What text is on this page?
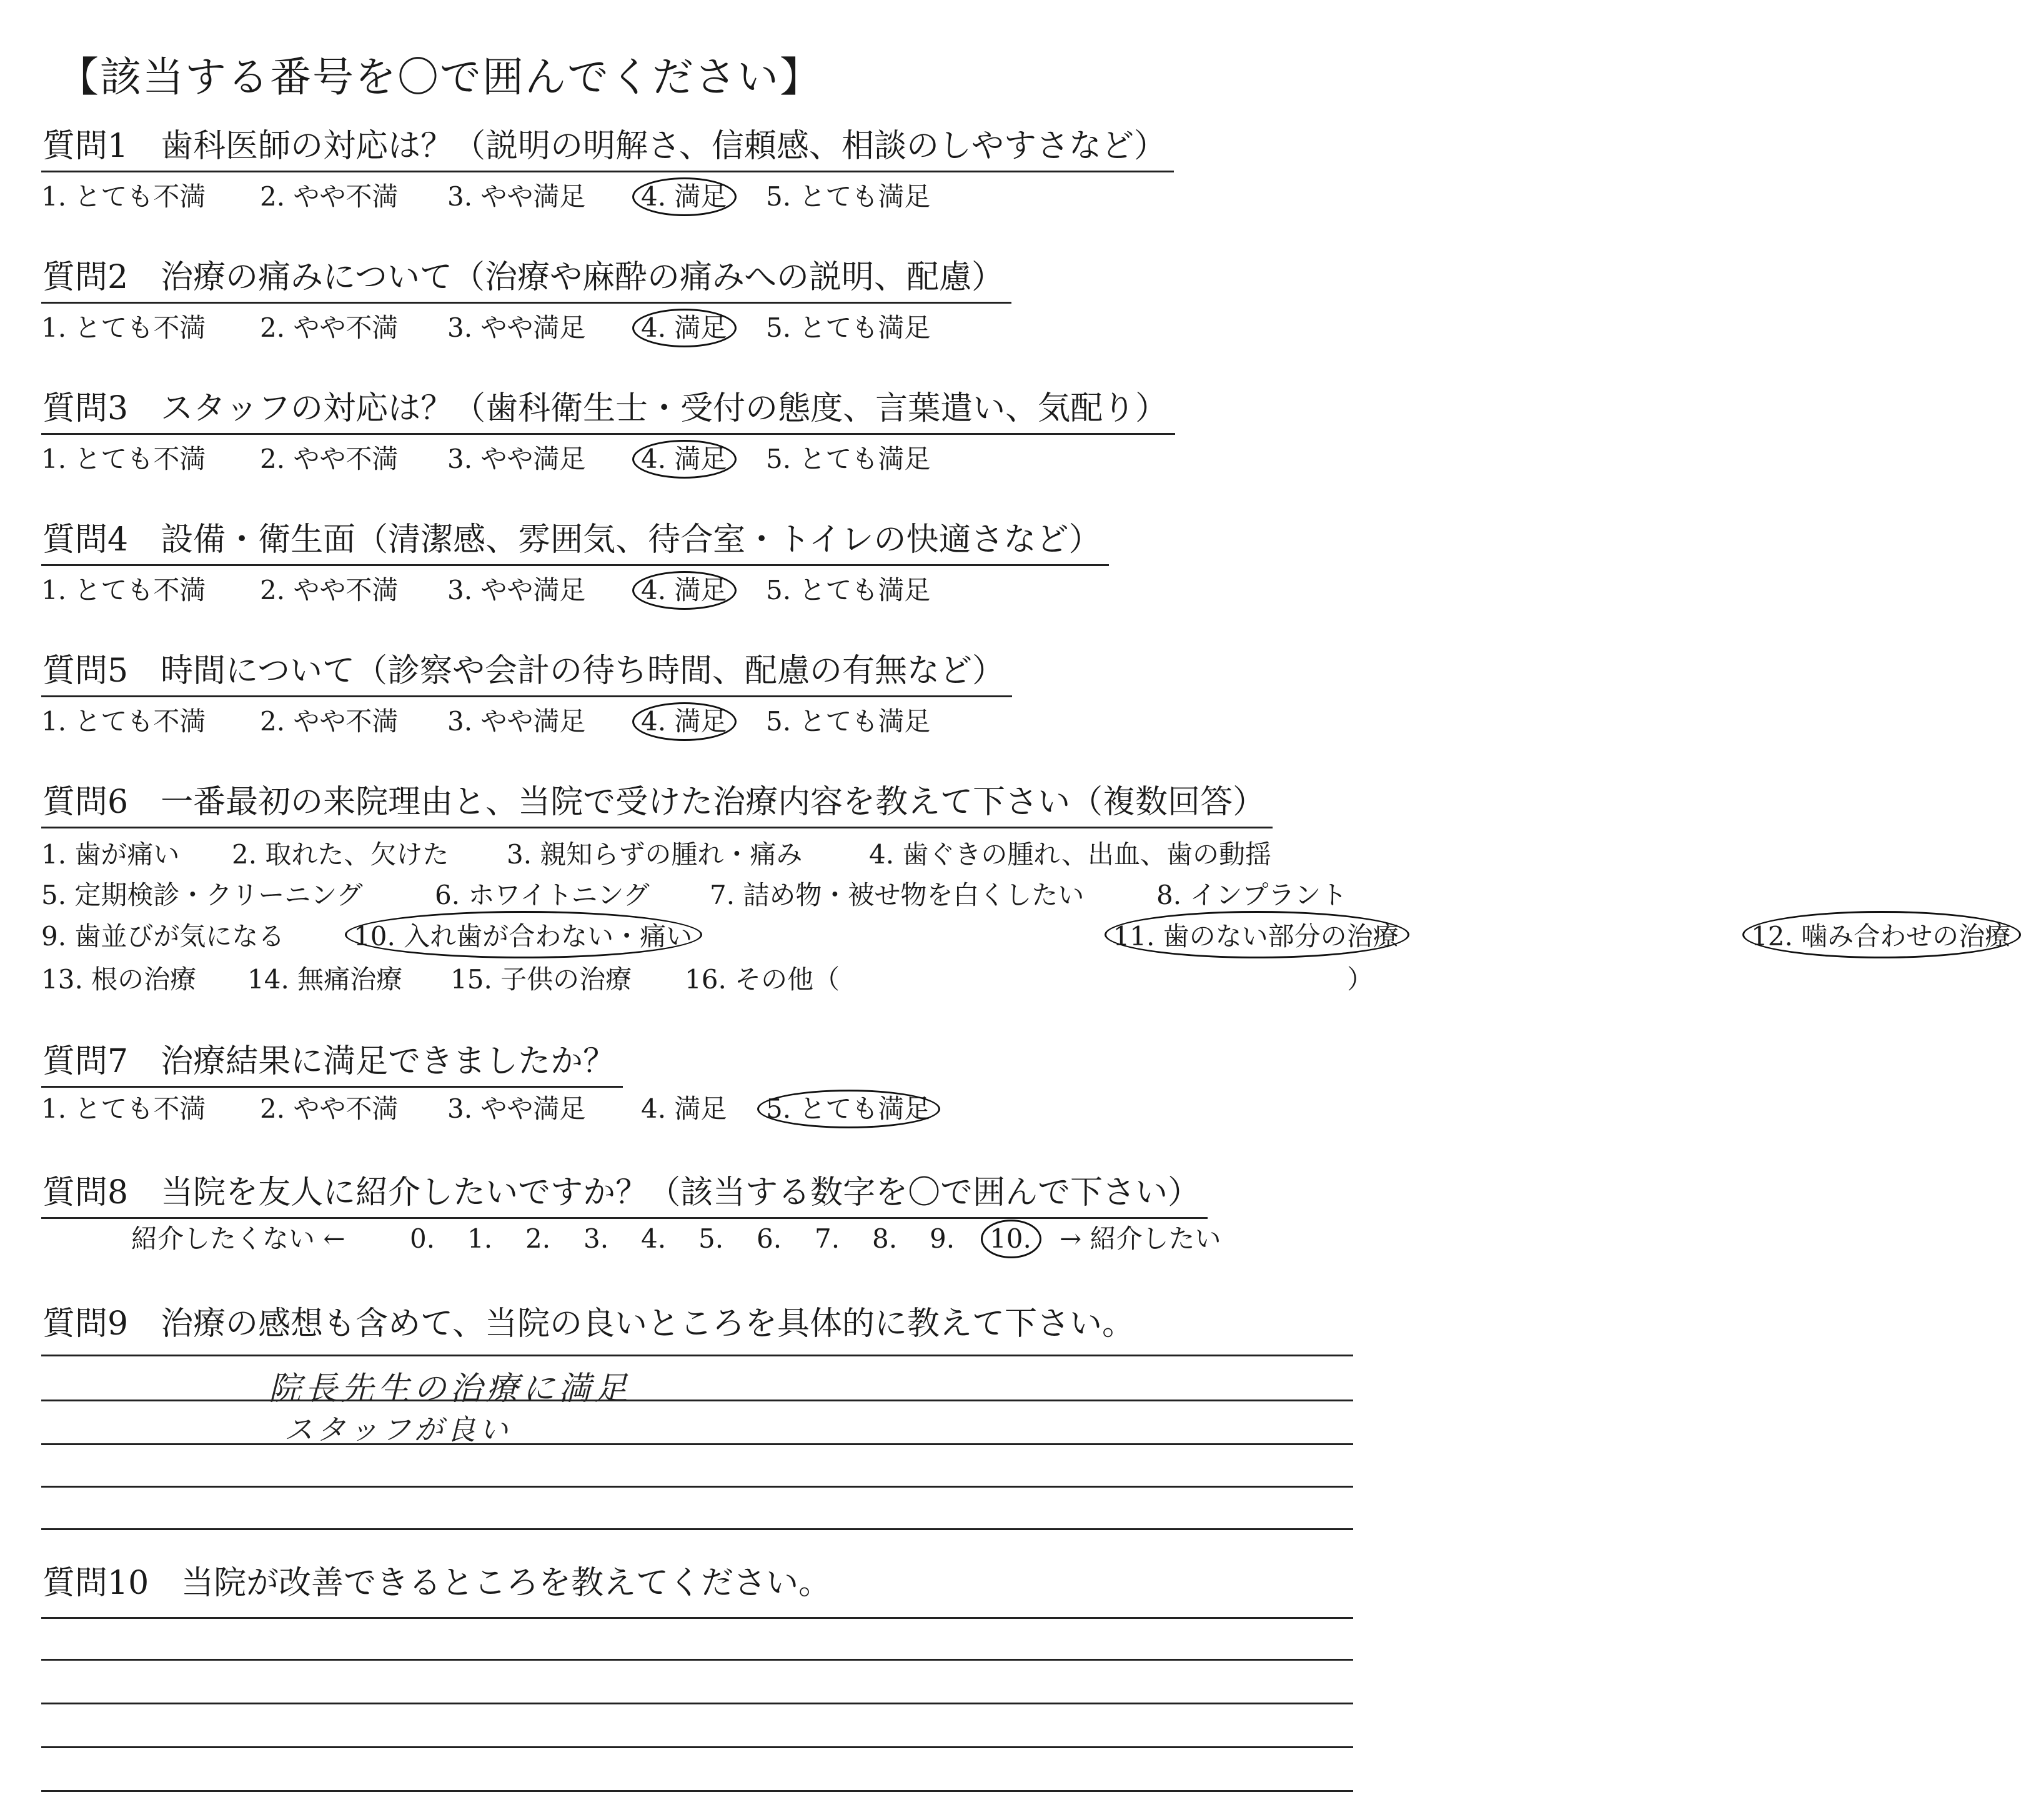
【該当する番号を〇で囲んでください】
質問1　歯科医師の対応は？（説明の明解さ、信頼感、相談のしやすさなど）
1. とても不満 2. やや不満 3. やや満足 4. 満足 5. とても満足
質問2　治療の痛みについて（治療や麻酔の痛みへの説明、配慮）
1. とても不満 2. やや不満 3. やや満足 4. 満足 5. とても満足
質問3　スタッフの対応は？（歯科衛生士・受付の態度、言葉遣い、気配り）
1. とても不満 2. やや不満 3. やや満足 4. 満足 5. とても満足
質問4　設備・衛生面（清潔感、雰囲気、待合室・トイレの快適さなど）
1. とても不満 2. やや不満 3. やや満足 4. 満足 5. とても満足
質問5　時間について（診察や会計の待ち時間、配慮の有無など）
1. とても不満 2. やや不満 3. やや満足 4. 満足 5. とても満足
質問6　一番最初の来院理由と、当院で受けた治療内容を教えて下さい（複数回答）
1. 歯が痛い 2. 取れた、欠けた 3. 親知らずの腫れ・痛み	4. 歯ぐきの腫れ、出血、歯の動揺
5. 定期検診・クリーニング	6. ホワイトニング 7. 詰め物・被せ物を白くしたい	8. インプラント
9. 歯並びが気になる	10. 入れ歯が合わない・痛い	11. 歯のない部分の治療	12. 噛み合わせの治療
13. 根の治療 14. 無痛治療 15. 子供の治療 16. その他（	）
質問7　治療結果に満足できましたか？
1. とても不満 2. やや不満 3. やや満足 4. 満足 5. とても満足
質問8　当院を友人に紹介したいですか？（該当する数字を〇で囲んで下さい）
紹介したくない ← 0. 1. 2. 3. 4. 5. 6. 7. 8. 9. 10. → 紹介したい
質問9　治療の感想も含めて、当院の良いところを具体的に教えて下さい。
院長先生の治療に満足
スタッフが良い
質問10　当院が改善できるところを教えてください。
